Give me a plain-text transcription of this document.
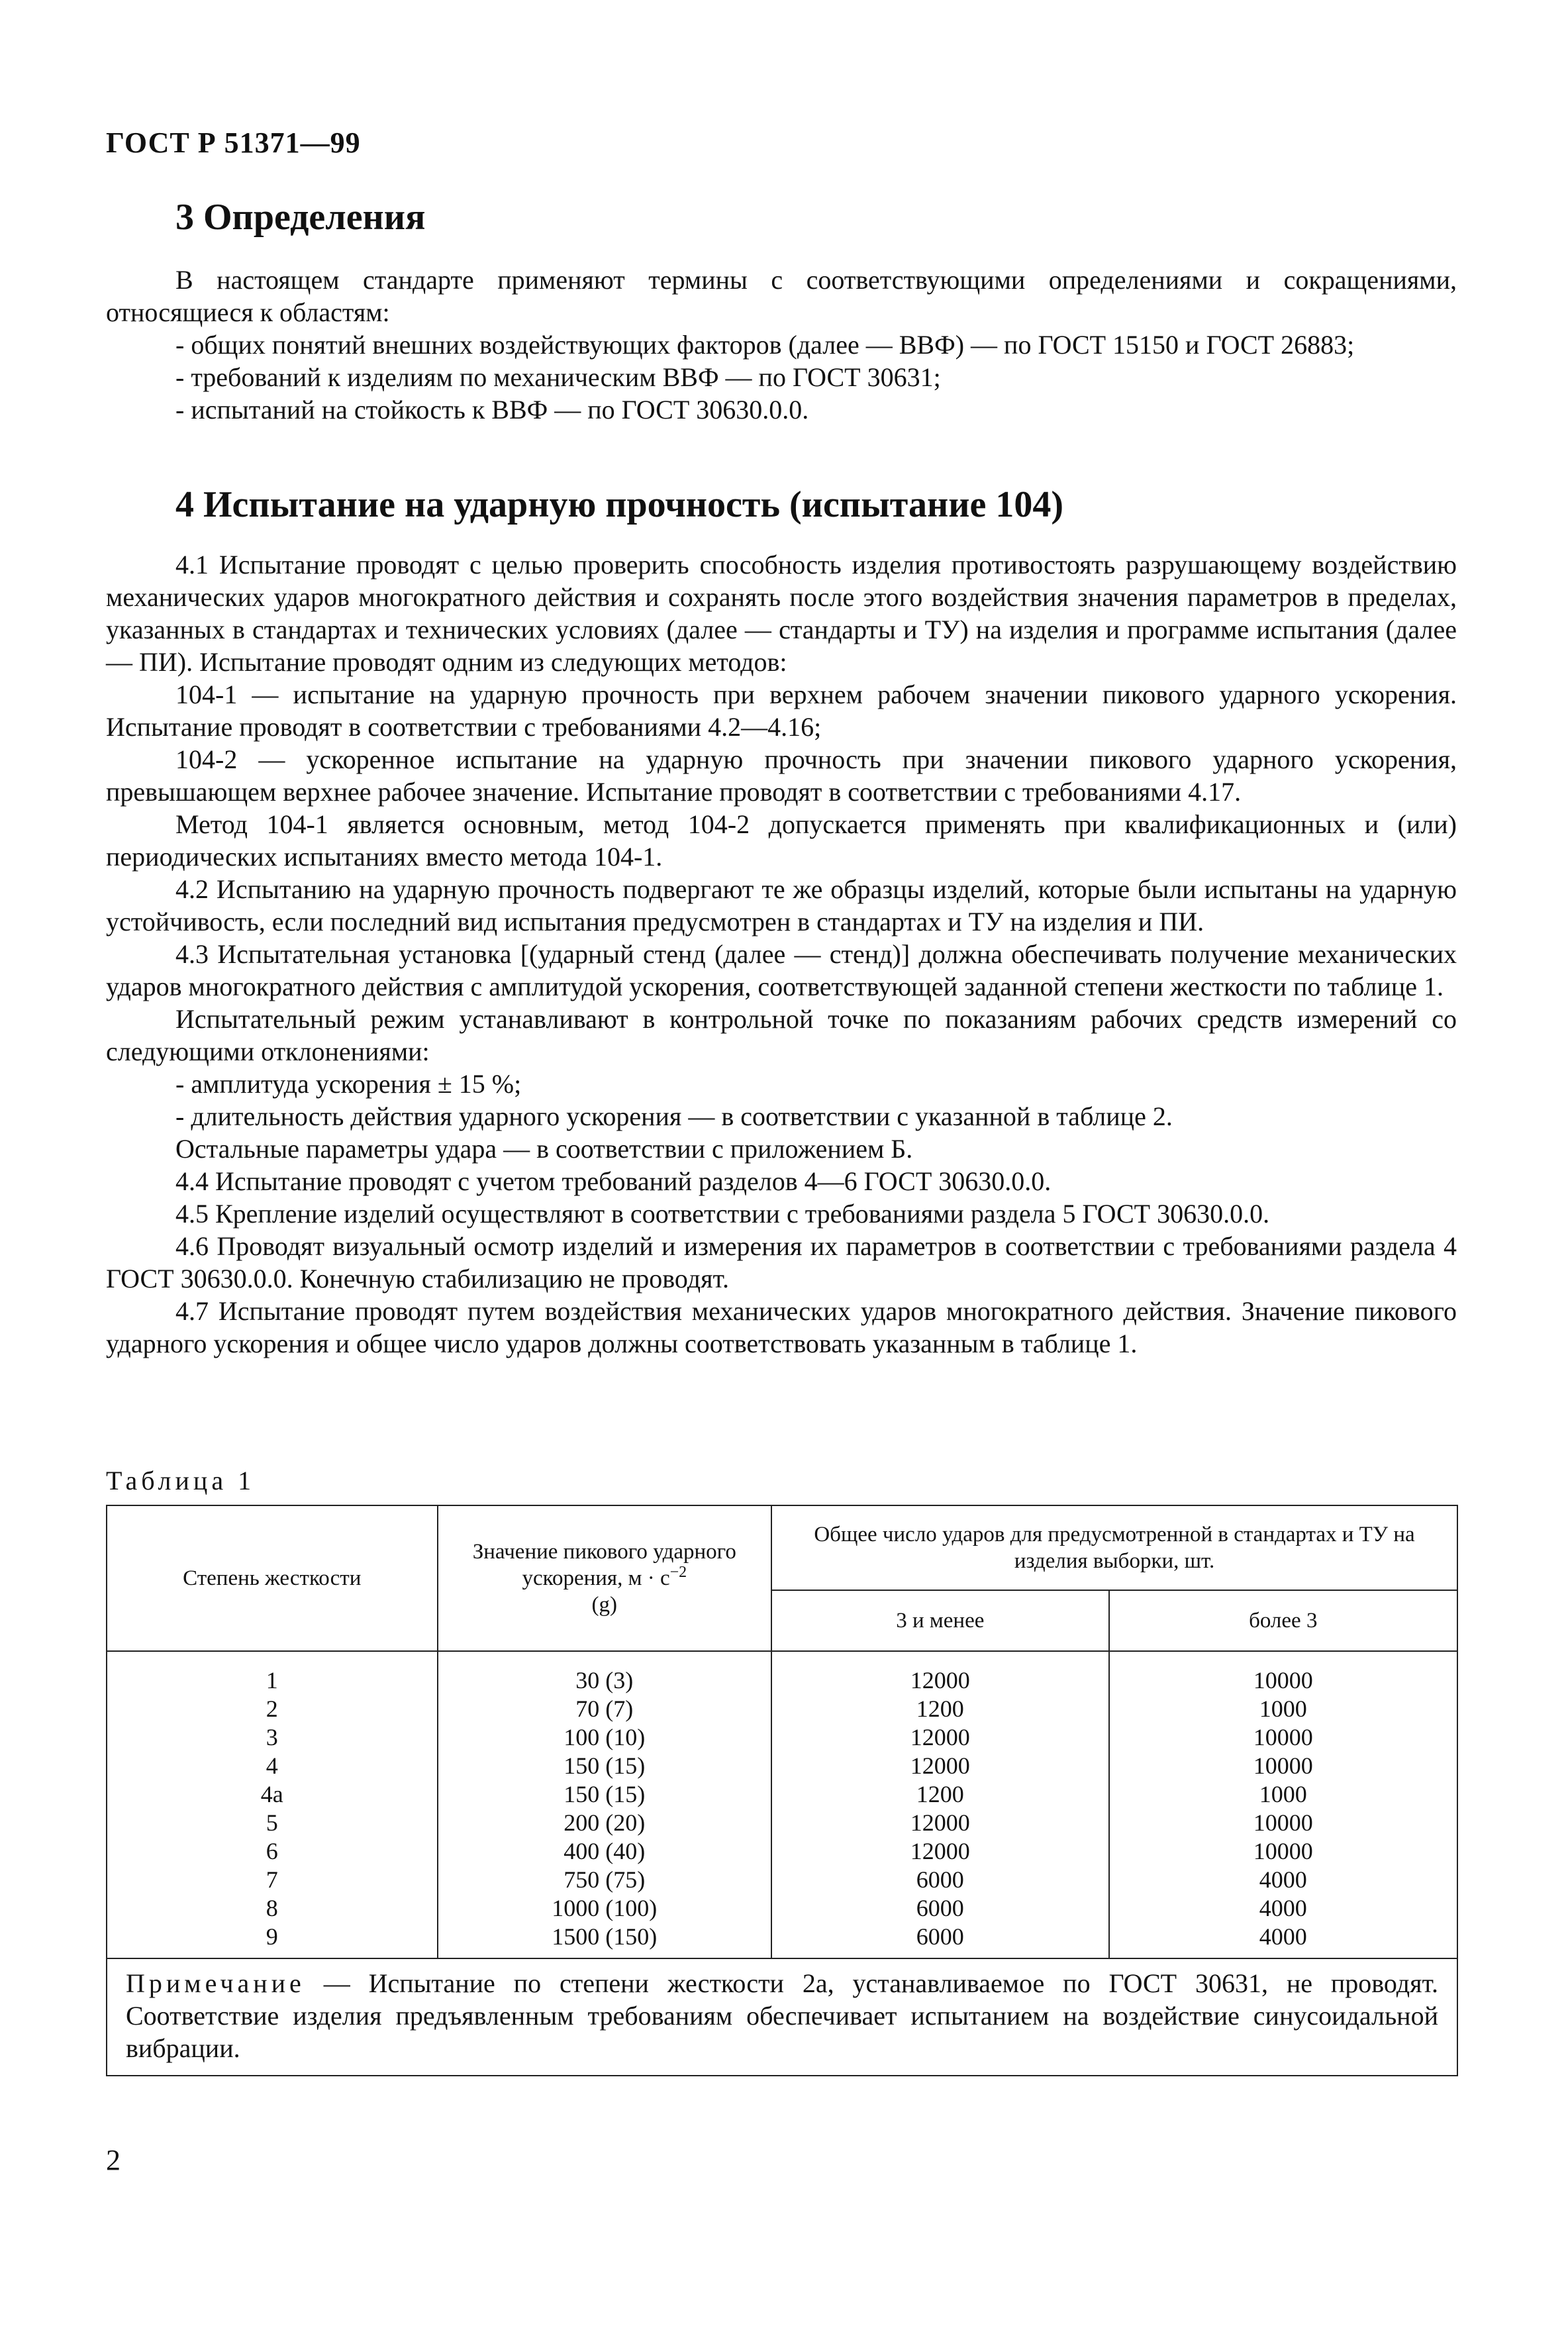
ГОСТ Р 51371—99
3 Определения

В настоящем стандарте применяют термины с соответствующими определениями и сокращениями, относящиеся к областям:

- общих понятий внешних воздействующих факторов (далее — ВВФ) — по ГОСТ 15150 и ГОСТ 26883;

- требований к изделиям по механическим ВВФ — по ГОСТ 30631;

- испытаний на стойкость к ВВФ — по ГОСТ 30630.0.0.

4 Испытание на ударную прочность (испытание 104)

4.1 Испытание проводят с целью проверить способность изделия противостоять разрушающему воздействию механических ударов многократного действия и сохранять после этого воздействия значения параметров в пределах, указанных в стандартах и технических условиях (далее — стандарты и ТУ) на изделия и программе испытания (далее — ПИ). Испытание проводят одним из следующих методов:

104-1 — испытание на ударную прочность при верхнем рабочем значении пикового ударного ускорения. Испытание проводят в соответствии с требованиями 4.2—4.16;

104-2 — ускоренное испытание на ударную прочность при значении пикового ударного ускорения, превышающем верхнее рабочее значение. Испытание проводят в соответствии с требованиями 4.17.

Метод 104-1 является основным, метод 104-2 допускается применять при квалификационных и (или) периодических испытаниях вместо метода 104-1.

4.2 Испытанию на ударную прочность подвергают те же образцы изделий, которые были испытаны на ударную устойчивость, если последний вид испытания предусмотрен в стандартах и ТУ на изделия и ПИ.

4.3 Испытательная установка [(ударный стенд (далее — стенд)] должна обеспечивать получение механических ударов многократного действия с амплитудой ускорения, соответствующей заданной степени жесткости по таблице 1.

Испытательный режим устанавливают в контрольной точке по показаниям рабочих средств измерений со следующими отклонениями:

- амплитуда ускорения ± 15 %;

- длительность действия ударного ускорения — в соответствии с указанной в таблице 2.

Остальные параметры удара — в соответствии с приложением Б.

4.4 Испытание проводят с учетом требований разделов 4—6 ГОСТ 30630.0.0.

4.5 Крепление изделий осуществляют в соответствии с требованиями раздела 5 ГОСТ 30630.0.0.

4.6 Проводят визуальный осмотр изделий и измерения их параметров в соответствии с требованиями раздела 4 ГОСТ 30630.0.0. Конечную стабилизацию не проводят.

4.7 Испытание проводят путем воздействия механических ударов многократного действия. Значение пикового ударного ускорения и общее число ударов должны соответствовать указанным в таблице 1.

Таблица 1
Степень жесткости	Значение пикового ударного ускорения, $м \cdot с^{-2}$
(g)	Общее число ударов для предусмотренной в стандартах и ТУ на изделия выборки, шт.	
		3 и менее	более 3
1	30 (3)	12000	10000
2	70 (7)	1200	1000
3	100 (10)	12000	10000
4	150 (15)	12000	10000
4а	150 (15)	1200	1000
5	200 (20)	12000	10000
6	400 (40)	12000	10000
7	750 (75)	6000	4000
8	1000 (100)	6000	4000
9	1500 (150)	6000	4000
Примечание — Испытание по степени жесткости 2а, устанавливаемое по ГОСТ 30631, не проводят. Соответствие изделия предъявленным требованиям обеспечивает испытанием на воздействие синусоидальной вибрации.			
2
